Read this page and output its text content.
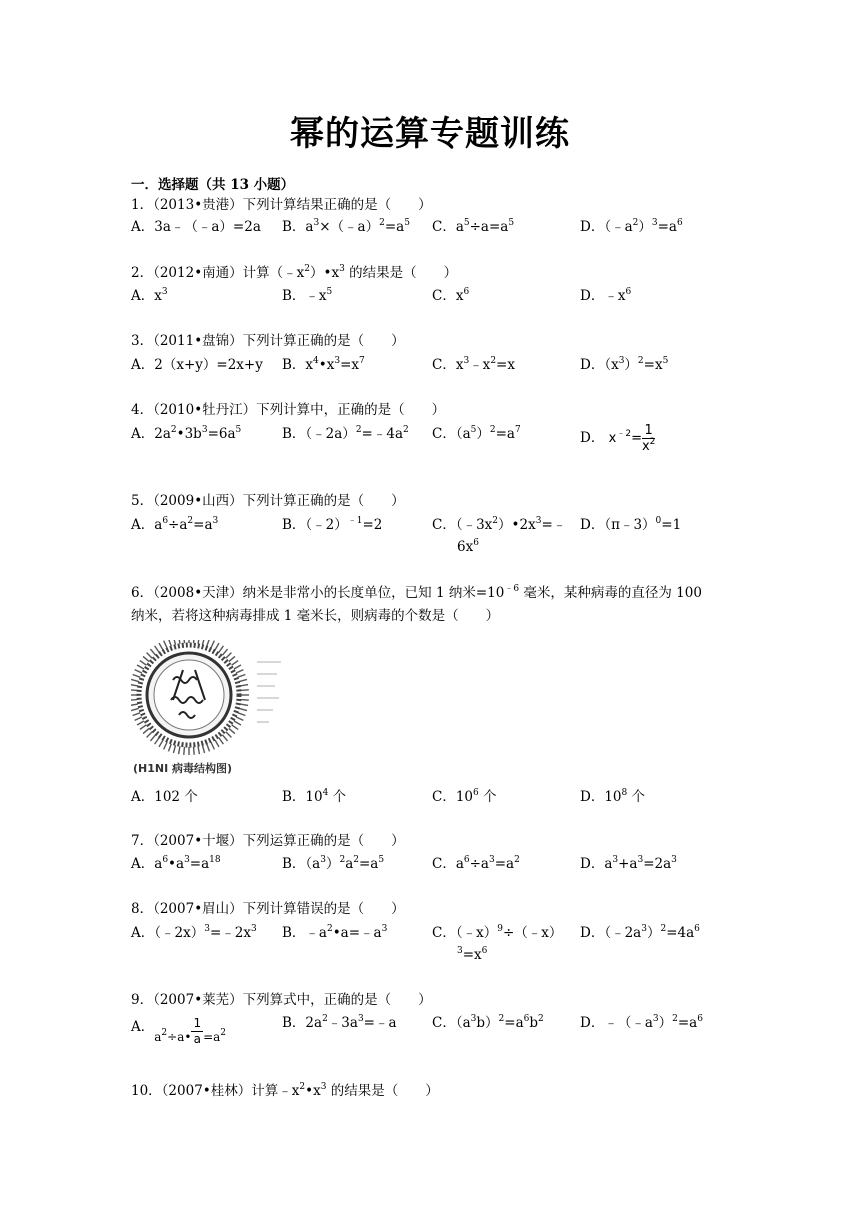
幂的运算专题训练
一．选择题（共 13 小题）
1．（2013•贵港）下列计算结果正确的是（　　）
A．3a﹣（﹣a）=2a B．$a^3\times(﹣a)^2=a^5$ C．$a^5\div a=a^5$	D．$(﹣a^2)^3=a^6$
2．（2012•南通）计算$(﹣x^2)•x^3$ 的结果是（　　）
A．$x^3$	B．$﹣x^5$	C．$x^6$	D．$﹣x^6$
3．（2011•盘锦）下列计算正确的是（　　）
A．2（x+y）=2x+y B．$x^4•x^3=x^7$	C．$x^3﹣x^2=x$	D．$(x^3)^2=x^5$
4．（2010•牡丹江）下列计算中，正确的是（　　）
A．$2a^2•3b^3=6a^5$	B．$(﹣2a)^2=﹣4a^2$ C．$(a^5)^2=a^7$	D． $x^{﹣2}= \frac{1}{x^2}$
5．（2009•山西）下列计算正确的是（　　）
A．$a^6\div a^2=a^3$	B．（﹣2）$^{﹣1}$=2	C．$(﹣3x^2)•2x^3=﹣$
$6x^6$
D．（π﹣3）$^0$=1
6．（2008•天津）纳米是非常小的长度单位，已知 1 纳米$=10^{﹣6}$ 毫米，某种病毒的直径为 100
纳米，若将这种病毒排成 1 毫米长，则病毒的个数是（　　）
(H1NI 病毒结构图)
A．102 个	B．$10^4$ 个	C．$10^6$ 个	D．$10^8$ 个
7．（2007•十堰）下列运算正确的是（　　）
A．$a^6•a^3=a^{18}$	B．$(a^3)^2a^2=a^5$	C．$a^6\div a^3=a^2$	D．$a^3+a^3=2a^3$
8．（2007•眉山）下列计算错误的是（　　）
A．$(﹣2x)^3=﹣2x^3$ B．$﹣a^2•a=﹣a^3$	C．（﹣x）$^9$÷（﹣x）
$^3=x^6$
D．$(﹣2a^3)^2=4a^6$
9．（2007•莱芜）下列算式中，正确的是（　　）
A．$a^2\div a• \frac{1}{a} =a^2$
B．$2a^2﹣3a^3=﹣a$	C．$(a^3b)^2=a^6b^2$	D．$﹣(﹣a^3)^2=a^6$
10．（2007•桂林）计算$﹣x^2•x^3$ 的结果是（　　）
